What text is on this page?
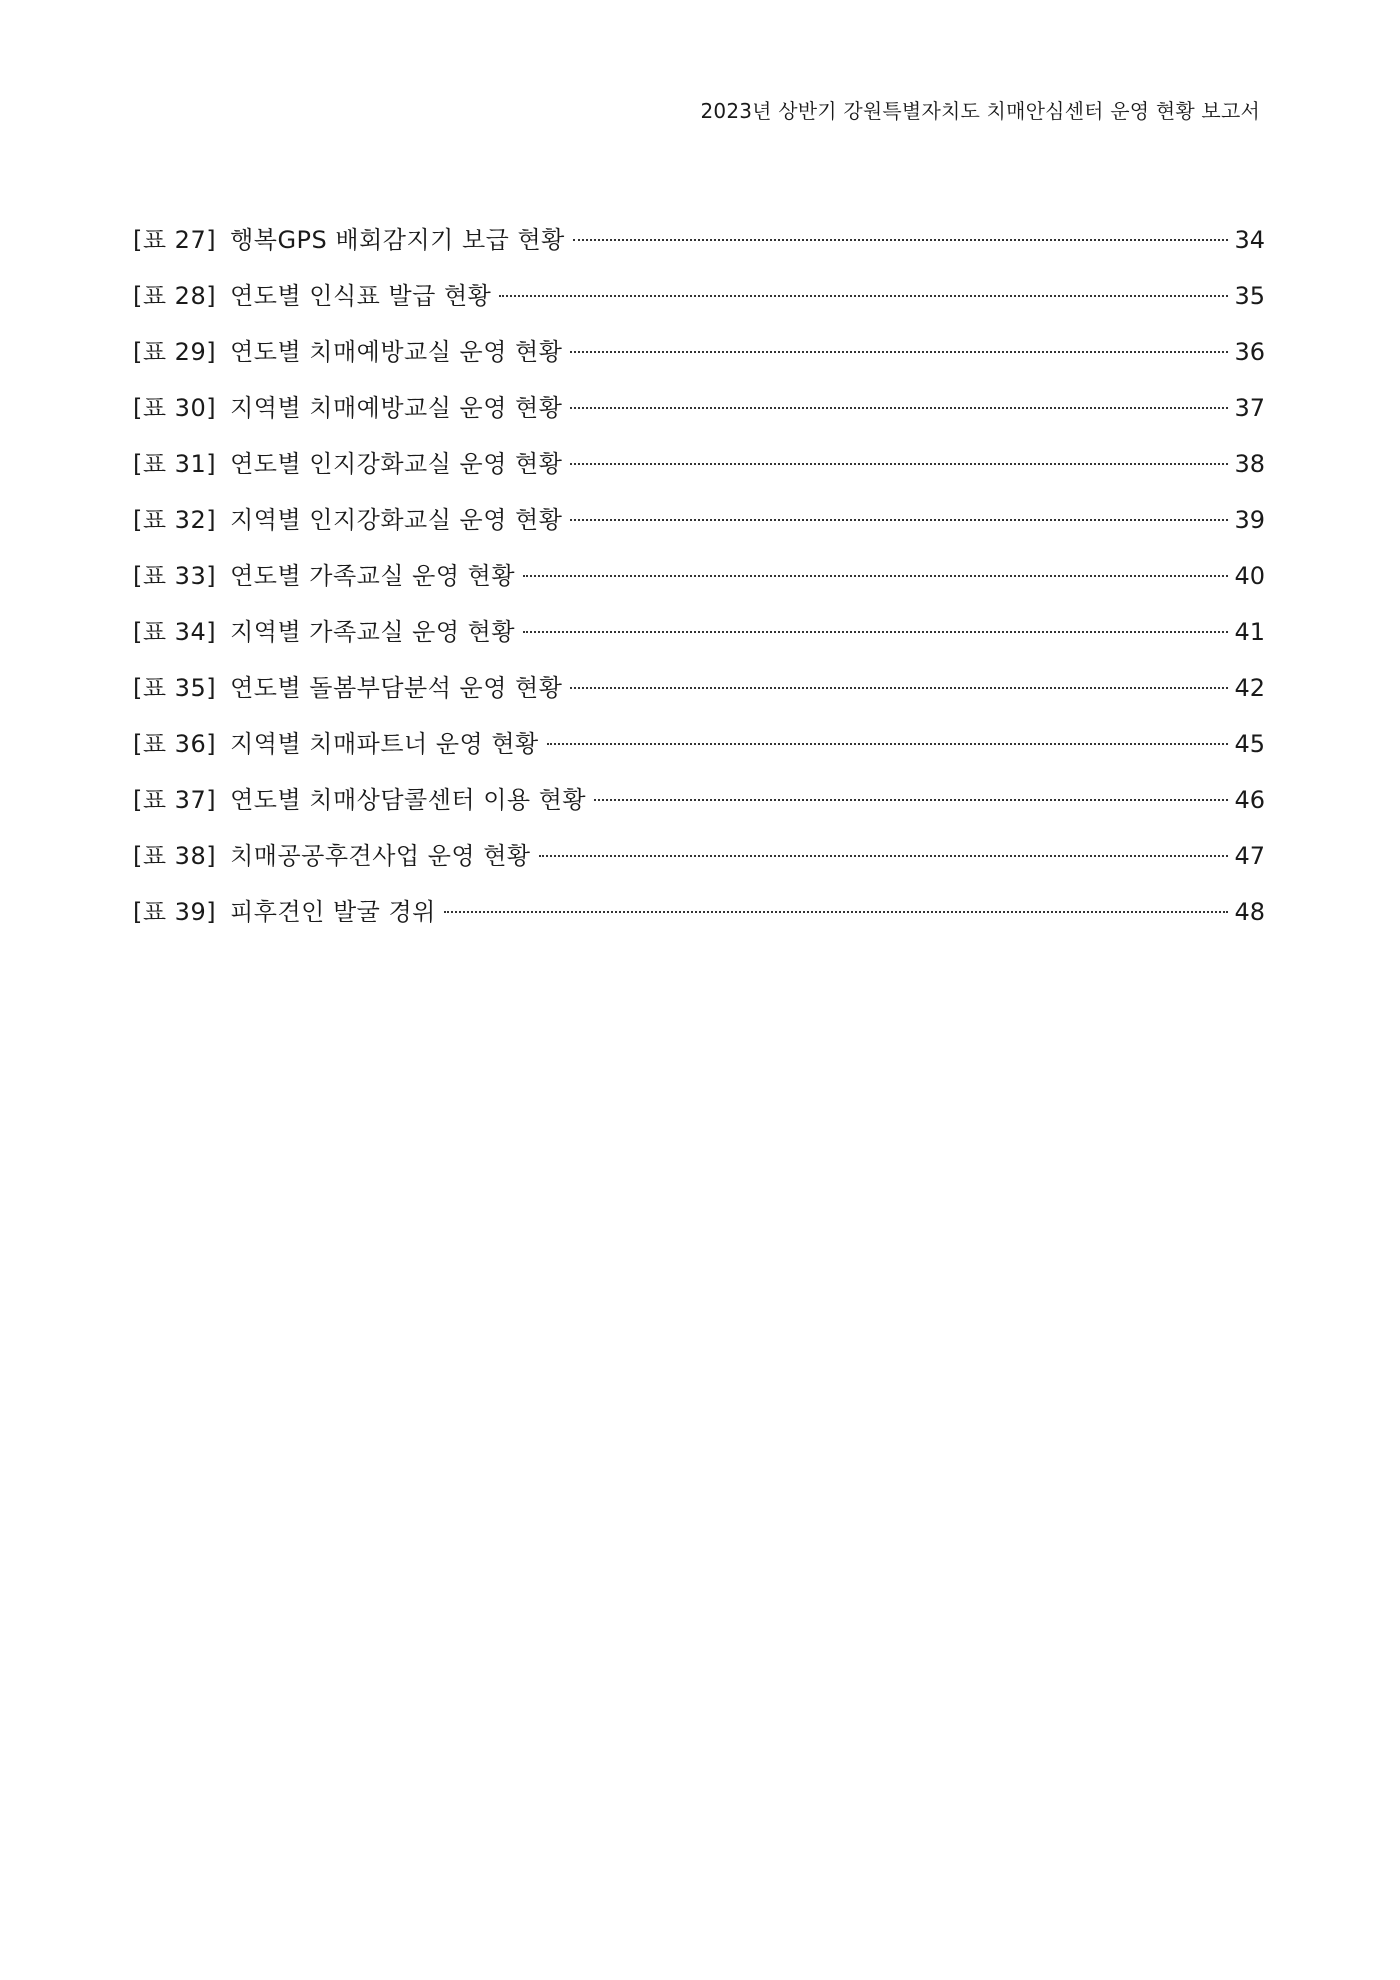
2023년 상반기 강원특별자치도 치매안심센터 운영 현황 보고서
[표 27] 행복GPS 배회감지기 보급 현황	34
[표 28] 연도별 인식표 발급 현황	35
[표 29] 연도별 치매예방교실 운영 현황	36
[표 30] 지역별 치매예방교실 운영 현황	37
[표 31] 연도별 인지강화교실 운영 현황	38
[표 32] 지역별 인지강화교실 운영 현황	39
[표 33] 연도별 가족교실 운영 현황	40
[표 34] 지역별 가족교실 운영 현황	41
[표 35] 연도별 돌봄부담분석 운영 현황	42
[표 36] 지역별 치매파트너 운영 현황	45
[표 37] 연도별 치매상담콜센터 이용 현황	46
[표 38] 치매공공후견사업 운영 현황	47
[표 39] 피후견인 발굴 경위	48
